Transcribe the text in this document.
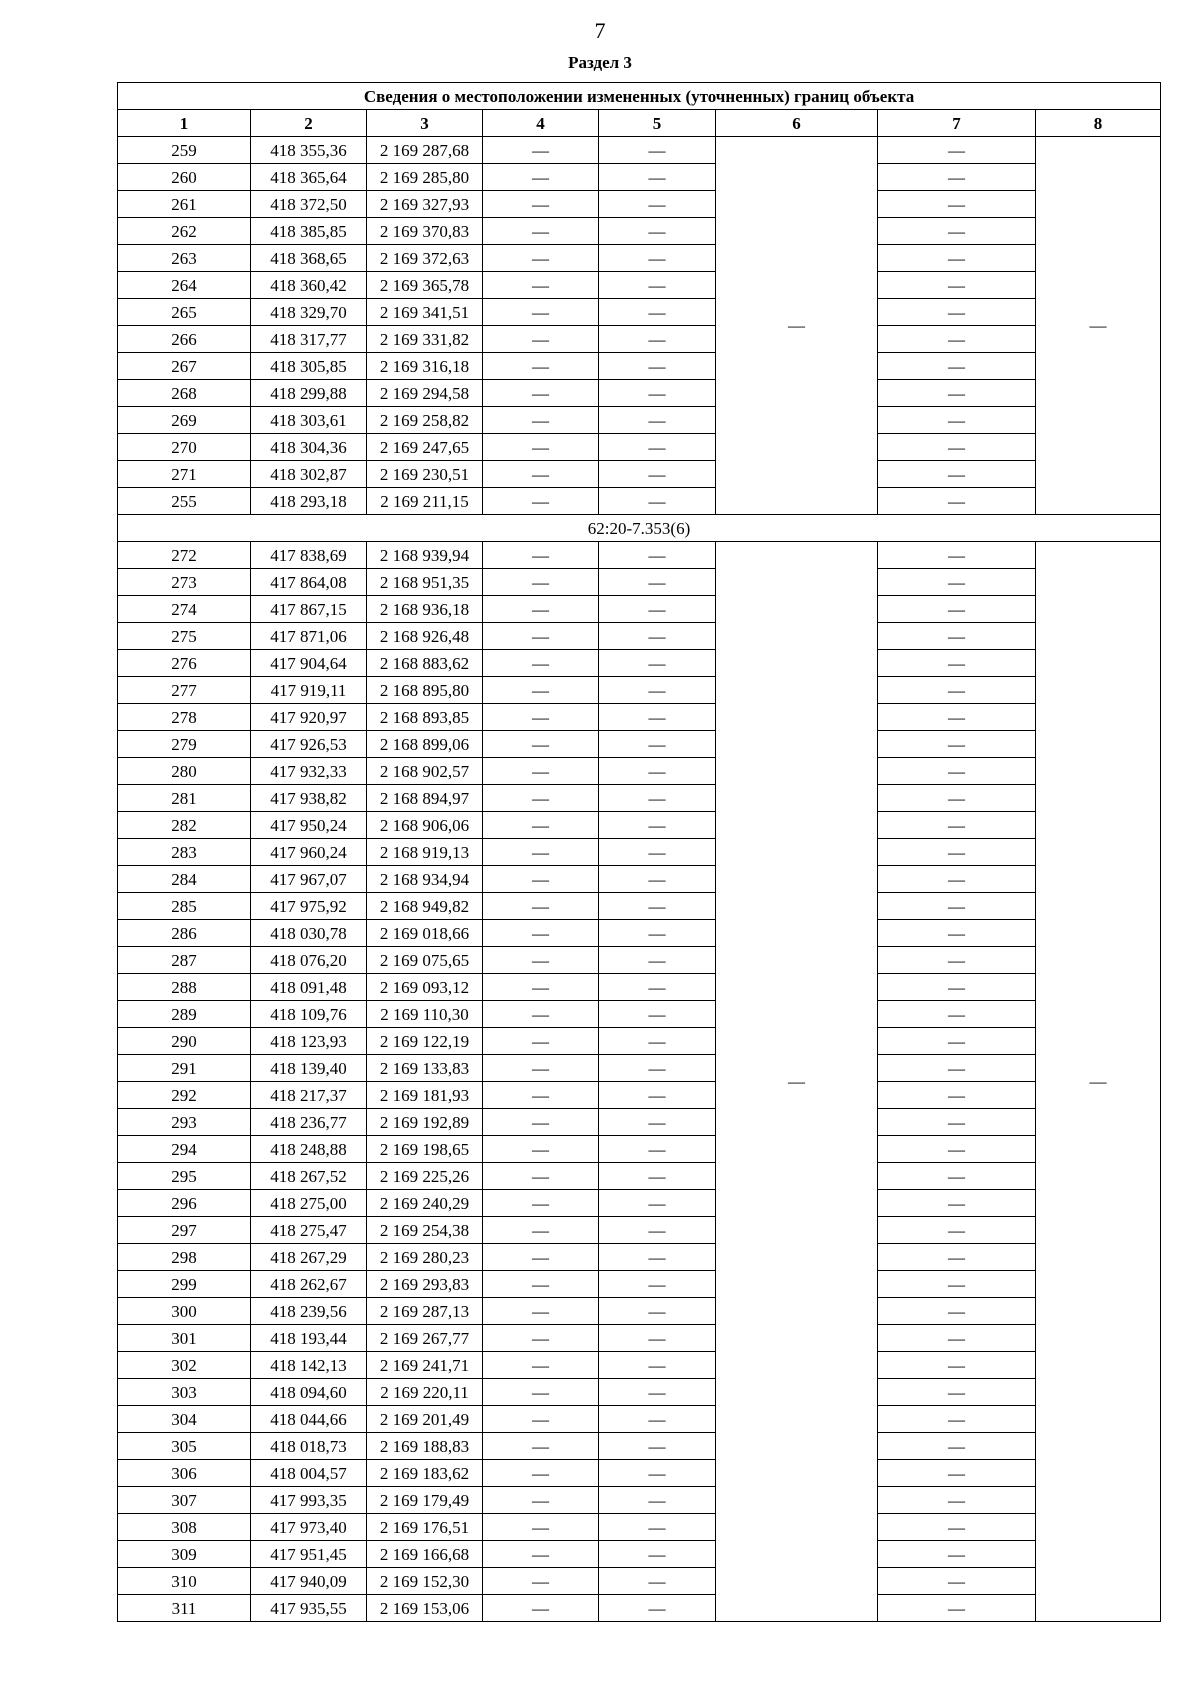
7
Раздел 3
Сведения о местоположении измененных (уточненных) границ объекта							
1	2	3	4	5	6	7	8
259	418 355,36	2 169 287,68	—	—	—	—	—
260	418 365,64	2 169 285,80	—	—		—	
261	418 372,50	2 169 327,93	—	—		—	
262	418 385,85	2 169 370,83	—	—		—	
263	418 368,65	2 169 372,63	—	—		—	
264	418 360,42	2 169 365,78	—	—		—	
265	418 329,70	2 169 341,51	—	—		—	
266	418 317,77	2 169 331,82	—	—		—	
267	418 305,85	2 169 316,18	—	—		—	
268	418 299,88	2 169 294,58	—	—		—	
269	418 303,61	2 169 258,82	—	—		—	
270	418 304,36	2 169 247,65	—	—		—	
271	418 302,87	2 169 230,51	—	—		—	
255	418 293,18	2 169 211,15	—	—		—	
62:20-7.353(6)							
272	417 838,69	2 168 939,94	—	—	—	—	—
273	417 864,08	2 168 951,35	—	—		—	
274	417 867,15	2 168 936,18	—	—		—	
275	417 871,06	2 168 926,48	—	—		—	
276	417 904,64	2 168 883,62	—	—		—	
277	417 919,11	2 168 895,80	—	—		—	
278	417 920,97	2 168 893,85	—	—		—	
279	417 926,53	2 168 899,06	—	—		—	
280	417 932,33	2 168 902,57	—	—		—	
281	417 938,82	2 168 894,97	—	—		—	
282	417 950,24	2 168 906,06	—	—		—	
283	417 960,24	2 168 919,13	—	—		—	
284	417 967,07	2 168 934,94	—	—		—	
285	417 975,92	2 168 949,82	—	—		—	
286	418 030,78	2 169 018,66	—	—		—	
287	418 076,20	2 169 075,65	—	—		—	
288	418 091,48	2 169 093,12	—	—		—	
289	418 109,76	2 169 110,30	—	—		—	
290	418 123,93	2 169 122,19	—	—		—	
291	418 139,40	2 169 133,83	—	—		—	
292	418 217,37	2 169 181,93	—	—		—	
293	418 236,77	2 169 192,89	—	—		—	
294	418 248,88	2 169 198,65	—	—		—	
295	418 267,52	2 169 225,26	—	—		—	
296	418 275,00	2 169 240,29	—	—		—	
297	418 275,47	2 169 254,38	—	—		—	
298	418 267,29	2 169 280,23	—	—		—	
299	418 262,67	2 169 293,83	—	—		—	
300	418 239,56	2 169 287,13	—	—		—	
301	418 193,44	2 169 267,77	—	—		—	
302	418 142,13	2 169 241,71	—	—		—	
303	418 094,60	2 169 220,11	—	—		—	
304	418 044,66	2 169 201,49	—	—		—	
305	418 018,73	2 169 188,83	—	—		—	
306	418 004,57	2 169 183,62	—	—		—	
307	417 993,35	2 169 179,49	—	—		—	
308	417 973,40	2 169 176,51	—	—		—	
309	417 951,45	2 169 166,68	—	—		—	
310	417 940,09	2 169 152,30	—	—		—	
311	417 935,55	2 169 153,06	—	—		—	
